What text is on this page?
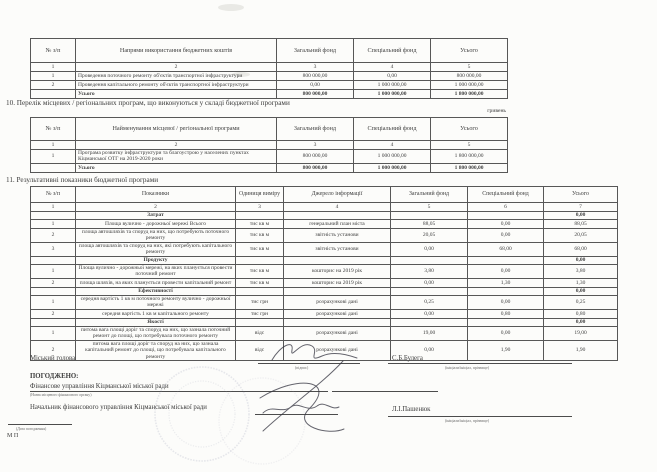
№ з/п	Напрями використання бюджетних коштів	Загальний фонд	Спеціальний фонд	Усього
1	2	3	4	5
1	Проведення поточного ремонту об'єктів транспортної інфраструктури	800 000,00	0,00	800 000,00
2	Проведення капітального ремонту об'єктів транспортної інфраструктури	0,00	1 000 000,00	1 000 000,00
	Усього	800 000,00	1 000 000,00	1 800 000,00
10. Перелік місцевих / регіональних програм, що виконуються у складі бюджетної програми
гривень
№ з/п	Найменування місцевої / регіональної програми	Загальний фонд	Спеціальний фонд	Усього
1	2	3	4	5
1	Програма розвитку інфраструктури та благоустрою у населених пунктах Кіцманської ОТГ на 2019-2020 роки	800 000,00	1 000 000,00	1 800 000,00
	Усього	800 000,00	1 000 000,00	1 800 000,00
11. Результативні показники бюджетної програми
№ з/п	Показники	Одиниця виміру	Джерело інформації	Загальний фонд	Спеціальний фонд	Усього
1	2	3	4	5	6	7
	Затрат					0,00
1	Площа вулично - дорожньої мережі Всього	тис кв м	генеральний план міста	88,05	0,00	88,05
2	площа автошляхів та споруд на них, що потребують поточного ремонту	тис кв м	звітність установи	20,05	0,00	20,05
3	площа автошляхів та споруд на них, які потребують капітального ремонту	тис кв м	звітність установи	0,00	68,00	68,00
	Продукту					0,00
1	Площа вулично - дорожньої мережі, на яких планується провести поточний ремонт	тис кв м	кошторис на 2019 рік	3,80	0,00	3,80
2	площа шляхів, на яких планується провести капітальний ремонт	тис кв м	кошторис на 2019 рік	0,00	1,30	1,30
	Ефективності					0,00
1	середня вартість 1 кв м поточного ремонту вулично - дорожньої мережі	тис грн	розрахункові дані	0,25	0,00	0,25
2	середня вартість 1 кв м капітального ремонту	тис грн	розрахункові дані	0,00	0,80	0,80
	Якості					0,00
1	питома вага площі доріг та споруд на них, що зазнала поточний ремонт до площі, що потребувала поточного ремонту	відс	розрахункові дані	19,00	0,00	19,00
2	питома вага площі доріг та споруд на них, що зазнала капітальний ремонт до площі, що потребувала капітального ремонту	відс	розрахункові дані	0,00	1,90	1,90
Міський голова
(підпис)
С.Б.Булега
(ініціали/ініціал, прізвище)
ПОГОДЖЕНО:
Фінансове управління Кіцманської міської ради
(Назва місцевого фінансового органу)
Начальник фінансового управління Кіцманської міської ради	Л.І.Пашенюк
(ініціали/ініціал, прізвище)
(Дата погодження)
М П
